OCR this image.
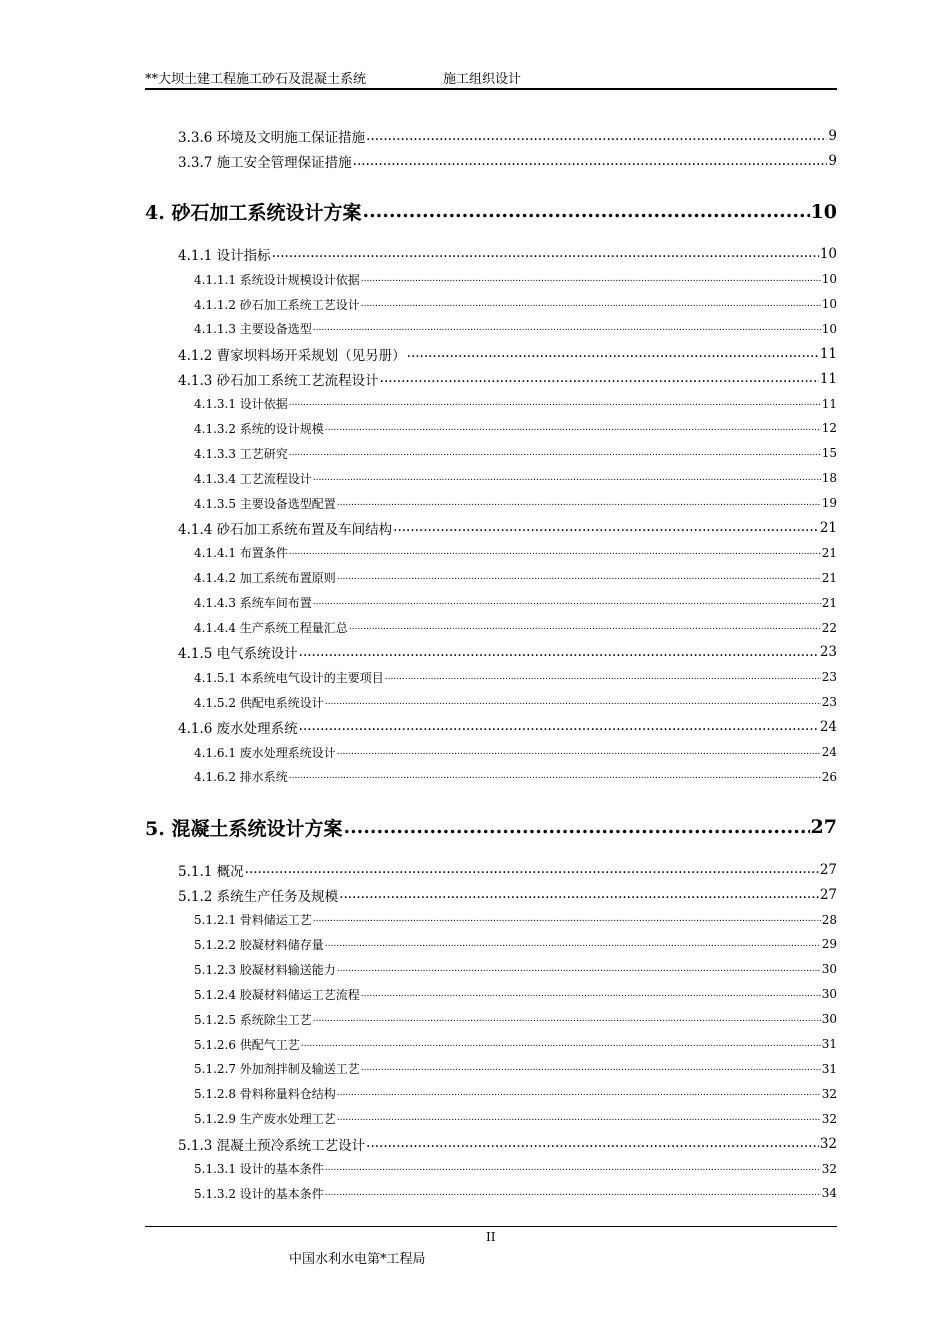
**大坝土建工程施工砂石及混凝土系统	施工组织设计
3.3.6 环境及文明施工保证措施 .....	9
3.3.7 施工安全管理保证措施 .....	9
4. 砂石加工系统设计方案 .....	10
4.1.1 设计指标 .....	10
4.1.1.1 系统设计规模设计依据 .....	10
4.1.1.2 砂石加工系统工艺设计 .....	10
4.1.1.3 主要设备选型 .....	10
4.1.2 曹家坝料场开采规划（见另册） .....	11
4.1.3 砂石加工系统工艺流程设计 .....	11
4.1.3.1 设计依据 .....	11
4.1.3.2 系统的设计规模 .....	12
4.1.3.3 工艺研究 .....	15
4.1.3.4 工艺流程设计 .....	18
4.1.3.5 主要设备选型配置 .....	19
4.1.4 砂石加工系统布置及车间结构 .....	21
4.1.4.1 布置条件 .....	21
4.1.4.2 加工系统布置原则 .....	21
4.1.4.3 系统车间布置 .....	21
4.1.4.4 生产系统工程量汇总 .....	22
4.1.5 电气系统设计 .....	23
4.1.5.1 本系统电气设计的主要项目 .....	23
4.1.5.2 供配电系统设计 .....	23
4.1.6 废水处理系统 .....	24
4.1.6.1 废水处理系统设计 .....	24
4.1.6.2 排水系统 .....	26
5. 混凝土系统设计方案 .....	27
5.1.1 概况 .....	27
5.1.2 系统生产任务及规模 .....	27
5.1.2.1 骨料储运工艺 .....	28
5.1.2.2 胶凝材料储存量 .....	29
5.1.2.3 胶凝材料输送能力 .....	30
5.1.2.4 胶凝材料储运工艺流程 .....	30
5.1.2.5 系统除尘工艺 .....	30
5.1.2.6 供配气工艺 .....	31
5.1.2.7 外加剂拌制及输送工艺 .....	31
5.1.2.8 骨料称量料仓结构 .....	32
5.1.2.9 生产废水处理工艺 .....	32
5.1.3 混凝土预冷系统工艺设计 .....	32
5.1.3.1 设计的基本条件 .....	32
5.1.3.2 设计的基本条件 .....	34
II
中国水利水电第*工程局
